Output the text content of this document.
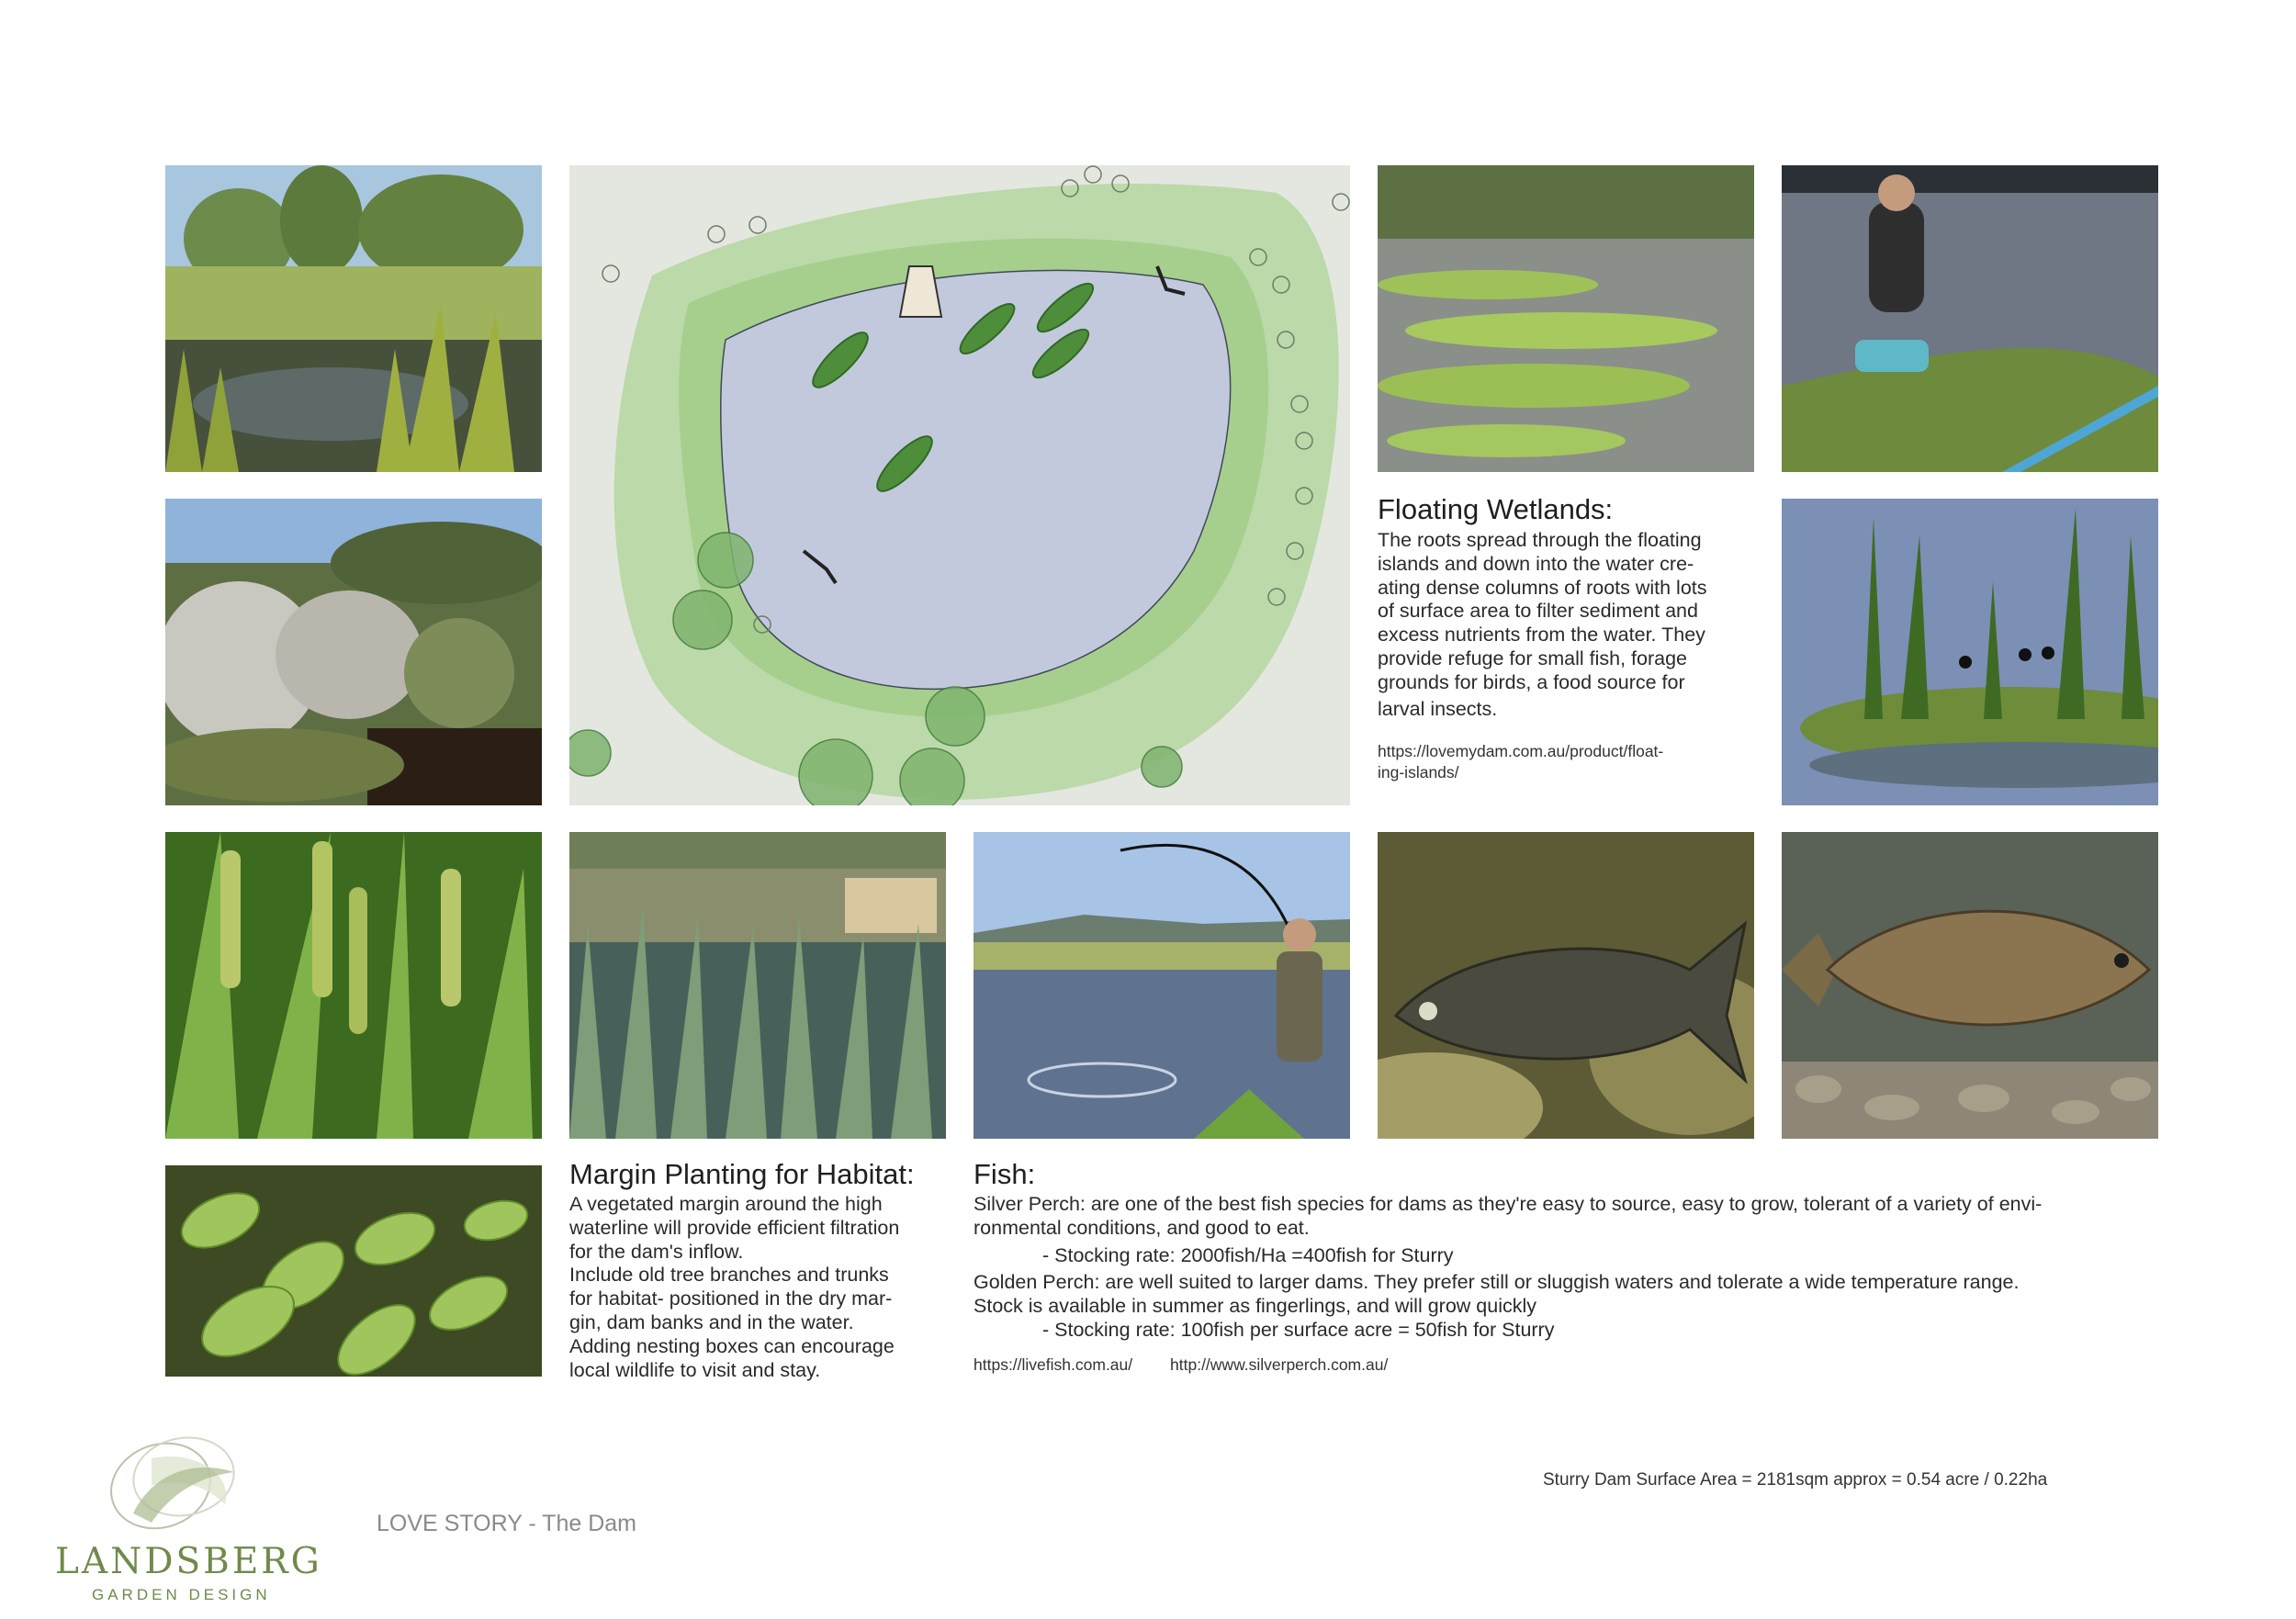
Floating Wetlands:
The roots spread through the floating
islands and down into the water cre-
ating dense columns of roots with lots
of surface area to filter sediment and
excess nutrients from the water. They
provide refuge for small fish, forage
grounds for birds, a food source for
larval insects.
https://lovemydam.com.au/product/float-
ing-islands/
Margin Planting for Habitat:
A vegetated margin around the high
waterline will provide efficient filtration
for the dam's inflow.
Include old tree branches and trunks
for habitat- positioned in the dry mar-
gin, dam banks and in the water.
Adding nesting boxes can encourage
local wildlife to visit and stay.
Fish:
Silver Perch: are one of the best fish species for dams as they're easy to source, easy to grow, tolerant of a variety of envi-
ronmental conditions, and good to eat.
- Stocking rate: 2000fish/Ha =400fish for Sturry
Golden Perch: are well suited to larger dams. They prefer still or sluggish waters and tolerate a wide temperature range.
Stock is available in summer as fingerlings, and will grow quickly
- Stocking rate: 100fish per surface acre = 50fish for Sturry
https://livefish.com.au/ http://www.silverperch.com.au/
Sturry Dam Surface Area = 2181sqm approx = 0.54 acre / 0.22ha
LOVE STORY - The Dam
LANDSBERG
GARDEN DESIGN
